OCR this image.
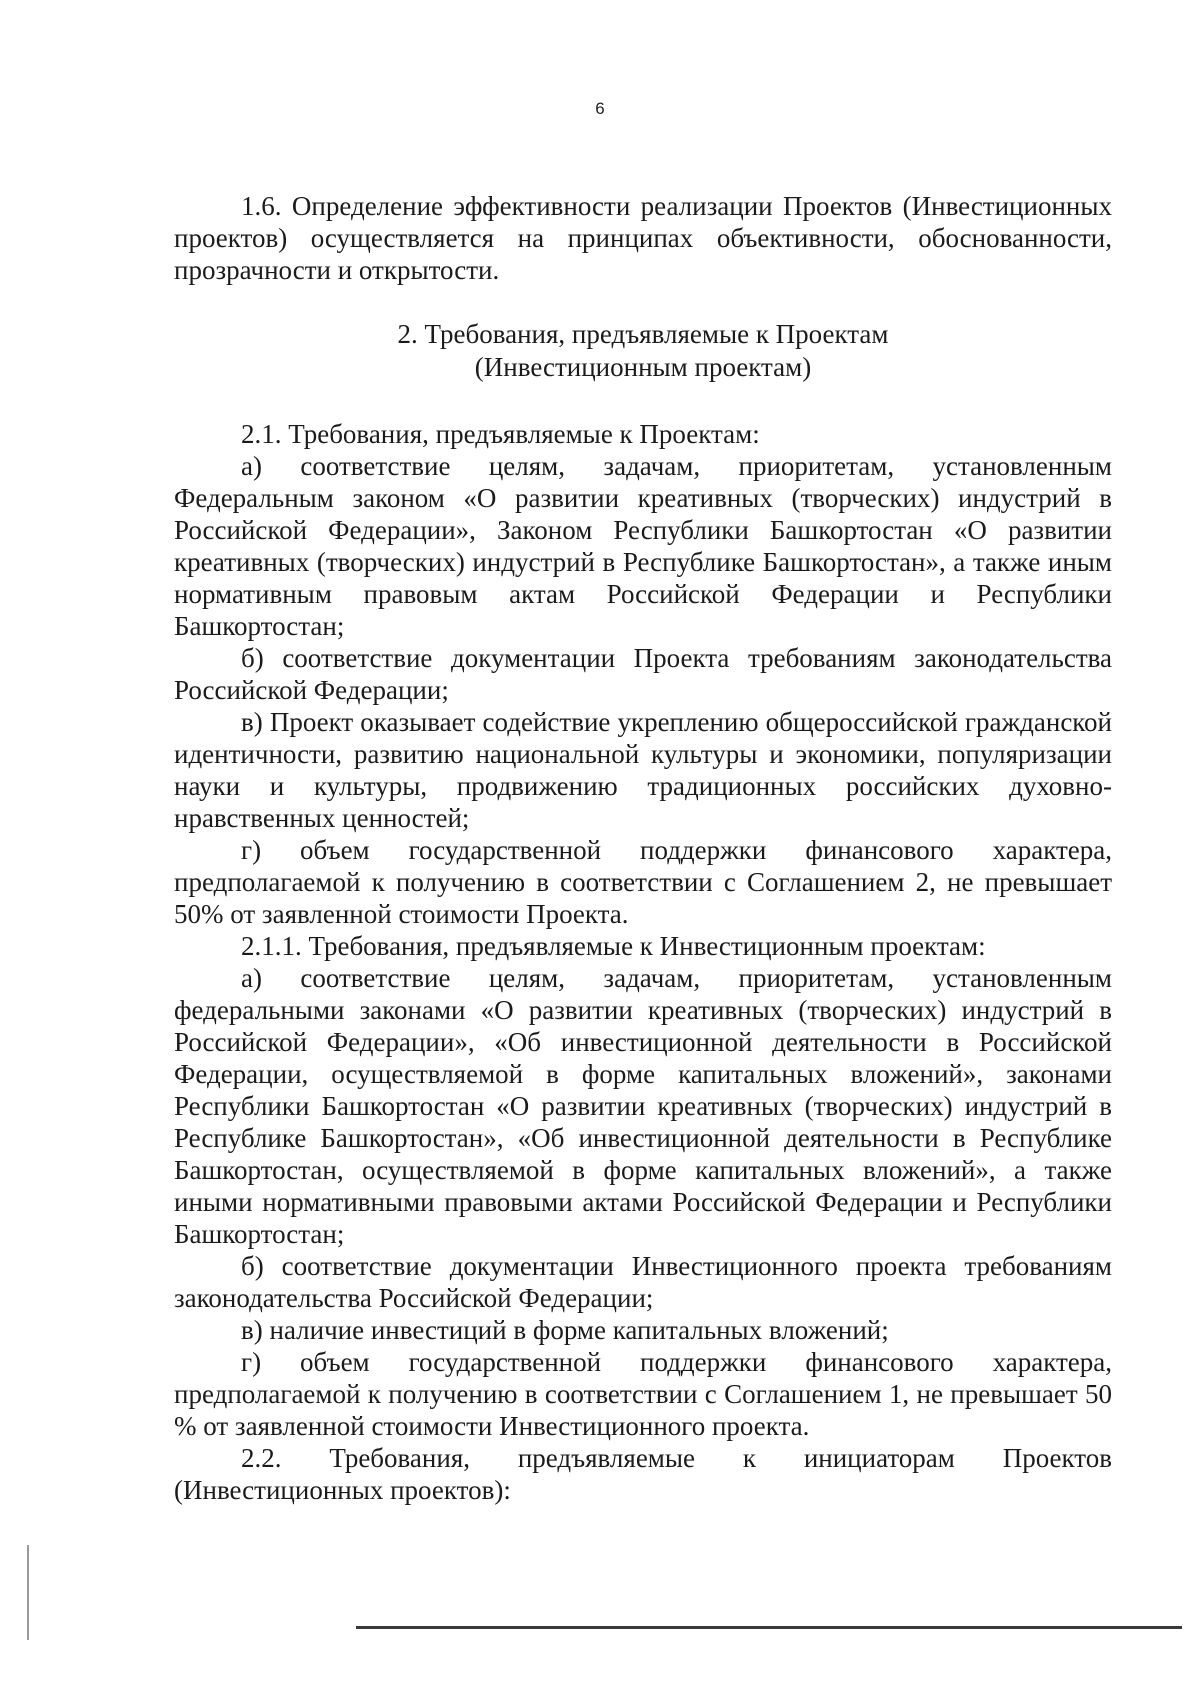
6

1.6. Определение эффективности реализации Проектов (Инвестиционных проектов) осуществляется на принципах объективности, обоснованности, прозрачности и открытости.

2. Требования, предъявляемые к Проектам
(Инвестиционным проектам)

2.1. Требования, предъявляемые к Проектам:

а) соответствие целям, задачам, приоритетам, установленным Федеральным законом «О развитии креативных (творческих) индустрий в Российской Федерации», Законом Республики Башкортостан «О развитии креативных (творческих) индустрий в Республике Башкортостан», а также иным нормативным правовым актам Российской Федерации и Республики Башкортостан;

б) соответствие документации Проекта требованиям законодательства Российской Федерации;

в) Проект оказывает содействие укреплению общероссийской гражданской идентичности, развитию национальной культуры и экономики, популяризации науки и культуры, продвижению традиционных российских духовно-нравственных ценностей;

г) объем государственной поддержки финансового характера, предполагаемой к получению в соответствии с Соглашением 2, не превышает 50% от заявленной стоимости Проекта.

2.1.1. Требования, предъявляемые к Инвестиционным проектам:

а) соответствие целям, задачам, приоритетам, установленным федеральными законами «О развитии креативных (творческих) индустрий в Российской Федерации», «Об инвестиционной деятельности в Российской Федерации, осуществляемой в форме капитальных вложений», законами Республики Башкортостан «О развитии креативных (творческих) индустрий в Республике Башкортостан», «Об инвестиционной деятельности в Республике Башкортостан, осуществляемой в форме капитальных вложений», а также иными нормативными правовыми актами Российской Федерации и Республики Башкортостан;

б) соответствие документации Инвестиционного проекта требованиям законодательства Российской Федерации;

в) наличие инвестиций в форме капитальных вложений;

г) объем государственной поддержки финансового характера, предполагаемой к получению в соответствии с Соглашением 1, не превышает 50 % от заявленной стоимости Инвестиционного проекта.

2.2. Требования, предъявляемые к инициаторам Проектов (Инвестиционных проектов):
